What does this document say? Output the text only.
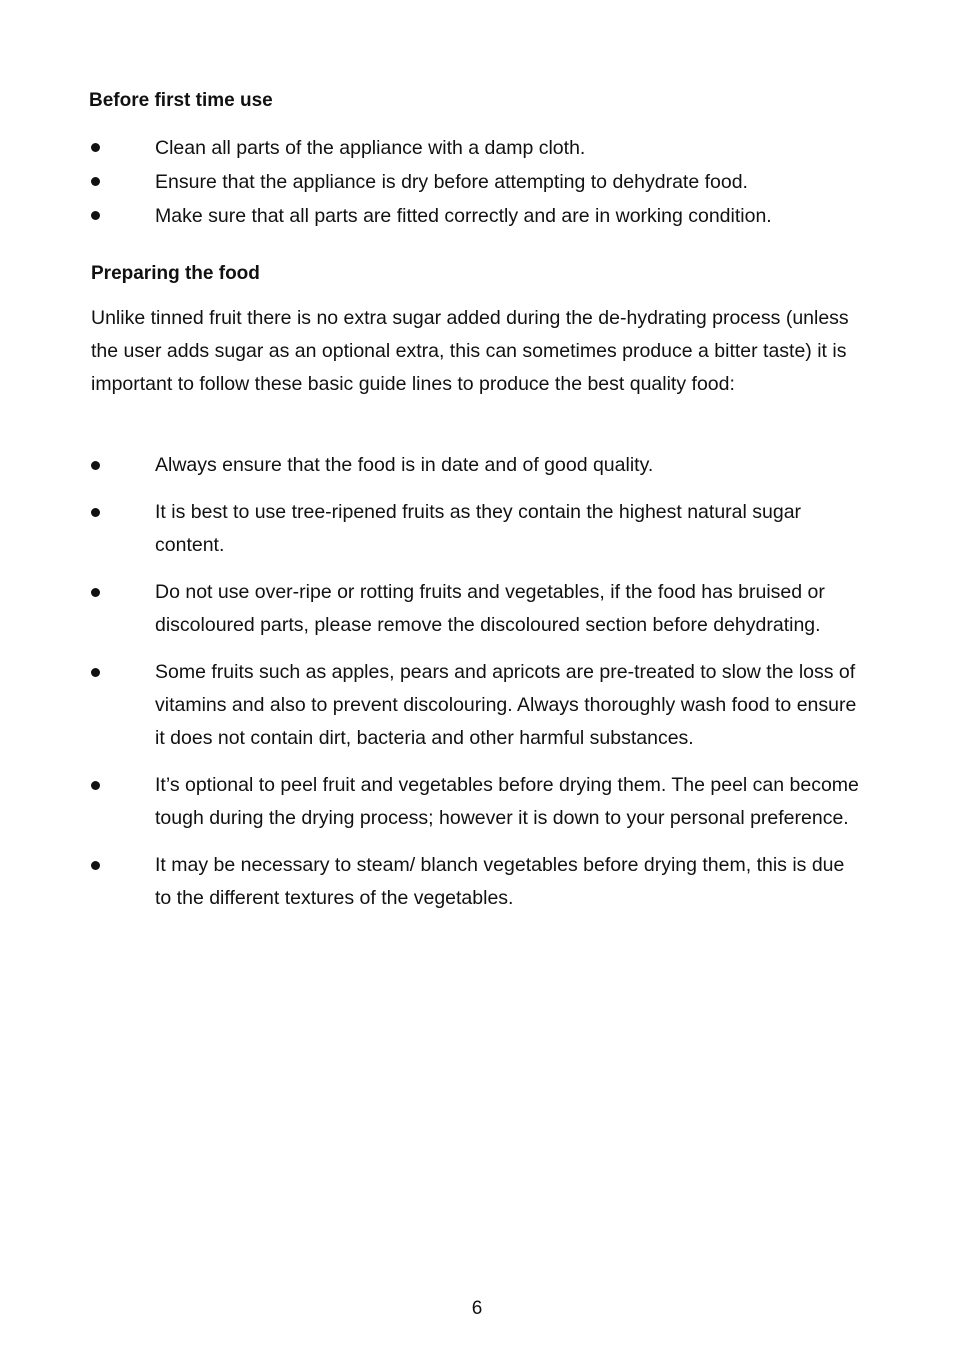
Before first time use
Clean all parts of the appliance with a damp cloth.
Ensure that the appliance is dry before attempting to dehydrate food.
Make sure that all parts are fitted correctly and are in working condition.
Preparing the food

Unlike tinned fruit there is no extra sugar added during the de-hydrating process (unless the user adds sugar as an optional extra, this can sometimes produce a bitter taste) it is important to follow these basic guide lines to produce the best quality food:

Always ensure that the food is in date and of good quality.
It is best to use tree-ripened fruits as they contain the highest natural sugar content.
Do not use over-ripe or rotting fruits and vegetables, if the food has bruised or discoloured parts, please remove the discoloured section before dehydrating.
Some fruits such as apples, pears and apricots are pre-treated to slow the loss of vitamins and also to prevent discolouring. Always thoroughly wash food to ensure it does not contain dirt, bacteria and other harmful substances.
It’s optional to peel fruit and vegetables before drying them. The peel can become tough during the drying process; however it is down to your personal preference.
It may be necessary to steam/ blanch vegetables before drying them, this is due to the different textures of the vegetables.
6
